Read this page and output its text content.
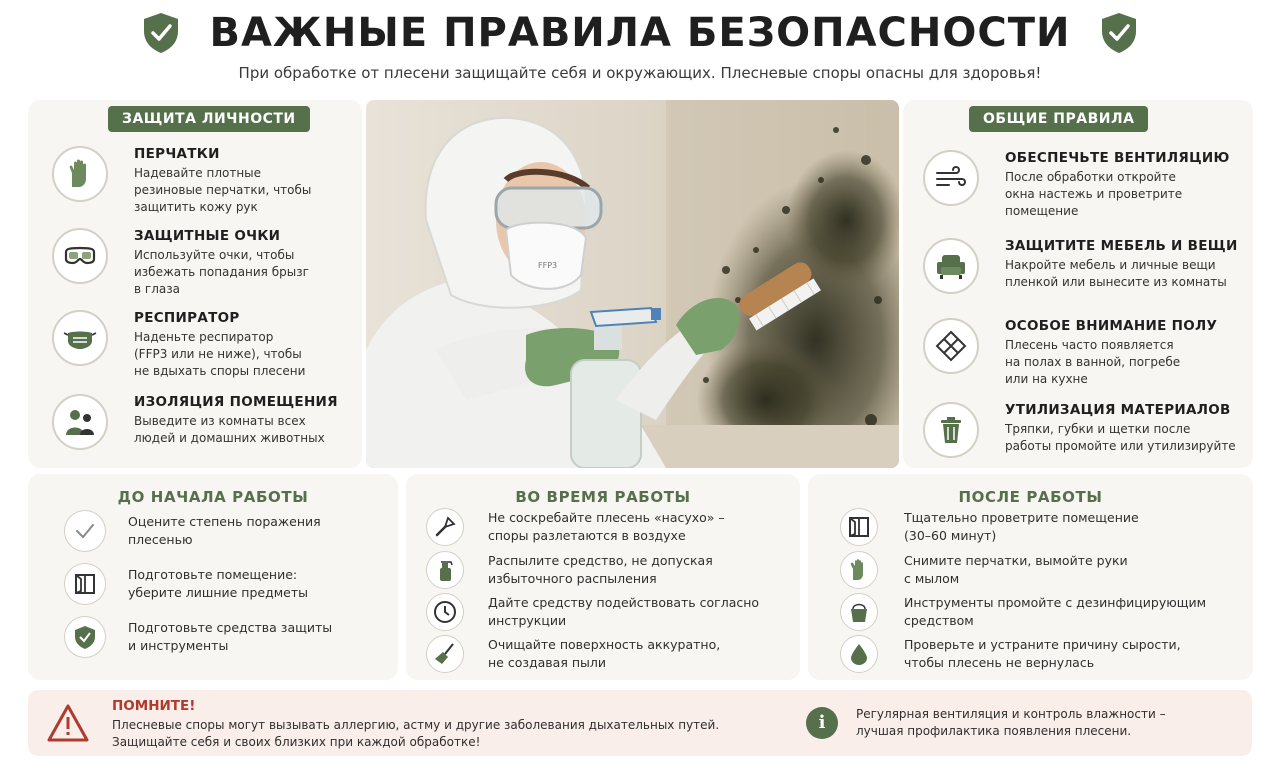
ВАЖНЫЕ ПРАВИЛА БЕЗОПАСНОСТИ
При обработке от плесени защищайте себя и окружающих. Плесневые споры опасны для здоровья!
ЗАЩИТА ЛИЧНОСТИ
ПЕРЧАТКИ
Надевайте плотные
резиновые перчатки, чтобы
защитить кожу рук
ЗАЩИТНЫЕ ОЧКИ
Используйте очки, чтобы
избежать попадания брызг
в глаза
РЕСПИРАТОР
Наденьте респиратор
(FFP3 или не ниже), чтобы
не вдыхать споры плесени
ИЗОЛЯЦИЯ ПОМЕЩЕНИЯ
Выведите из комнаты всех
людей и домашних животных
FFP3
ОБЩИЕ ПРАВИЛА
ОБЕСПЕЧЬТЕ ВЕНТИЛЯЦИЮ
После обработки откройте
окна настежь и проветрите
помещение
ЗАЩИТИТЕ МЕБЕЛЬ И ВЕЩИ
Накройте мебель и личные вещи
пленкой или вынесите из комнаты
ОСОБОЕ ВНИМАНИЕ ПОЛУ
Плесень часто появляется
на полах в ванной, погребе
или на кухне
УТИЛИЗАЦИЯ МАТЕРИАЛОВ
Тряпки, губки и щетки после
работы промойте или утилизируйте
ДО НАЧАЛА РАБОТЫ
Оцените степень поражения
плесенью
Подготовьте помещение:
уберите лишние предметы
Подготовьте средства защиты
и инструменты
ВО ВРЕМЯ РАБОТЫ
Не соскребайте плесень «насухо» –
споры разлетаются в воздухе
Распылите средство, не допуская
избыточного распыления
Дайте средству подействовать согласно
инструкции
Очищайте поверхность аккуратно,
не создавая пыли
ПОСЛЕ РАБОТЫ
Тщательно проветрите помещение
(30–60 минут)
Снимите перчатки, вымойте руки
с мылом
Инструменты промойте с дезинфицирующим
средством
Проверьте и устраните причину сырости,
чтобы плесень не вернулась
ПОМНИТЕ!
Плесневые споры могут вызывать аллергию, астму и другие заболевания дыхательных путей.
Защищайте себя и своих близких при каждой обработке!
i	Регулярная вентиляция и контроль влажности –
лучшая профилактика появления плесени.
